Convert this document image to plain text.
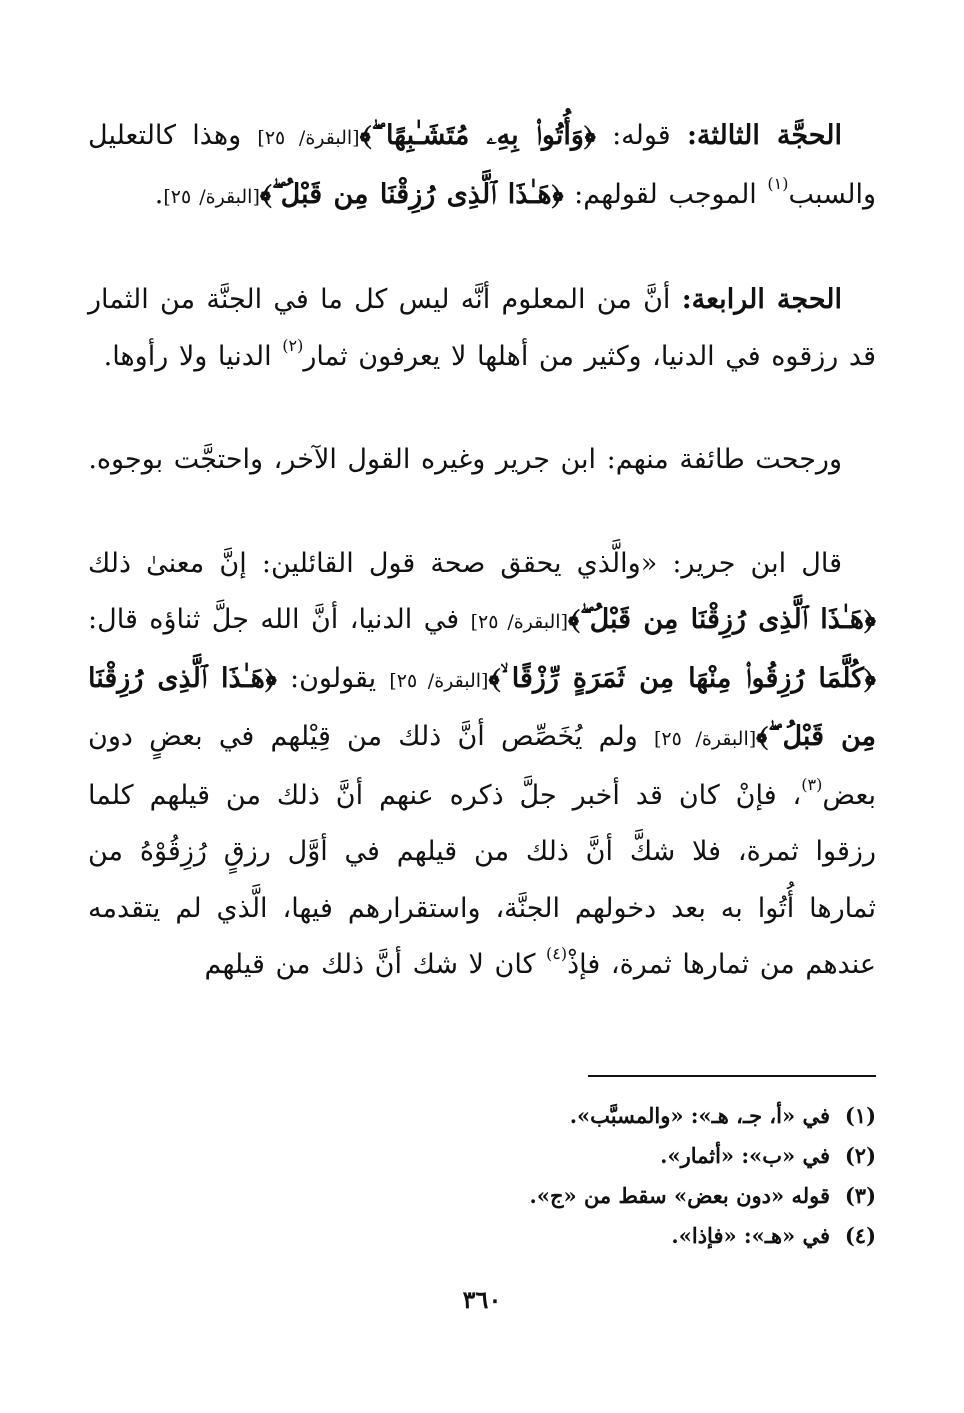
الحجَّة الثالثة: قوله: ﴿وَأُتُوا۟ بِهِۦ مُتَشَـٰبِهًا ۖ﴾[البقرة/ ٢٥] وهذا كالتعليل والسبب$^{(١)}$ الموجب لقولهم: ﴿هَـٰذَا ٱلَّذِى رُزِقْنَا مِن قَبْلُ ۖ﴾[البقرة/ ٢٥].

الحجة الرابعة: أنَّ من المعلوم أنَّه ليس كل ما في الجنَّة من الثمار قد رزقوه في الدنيا، وكثير من أهلها لا يعرفون ثمار$^{(٢)}$ الدنيا ولا رأوها.

ورجحت طائفة منهم: ابن جرير وغيره القول الآخر، واحتجَّت بوجوه.

قال ابن جرير: «والَّذي يحقق صحة قول القائلين: إنَّ معنىٰ ذلك ﴿هَـٰذَا ٱلَّذِى رُزِقْنَا مِن قَبْلُ ۖ﴾[البقرة/ ٢٥] في الدنيا، أنَّ الله جلَّ ثناؤه قال: ﴿كُلَّمَا رُزِقُوا۟ مِنْهَا مِن ثَمَرَةٍ رِّزْقًا ۙ﴾[البقرة/ ٢٥] يقولون: ﴿هَـٰذَا ٱلَّذِى رُزِقْنَا مِن قَبْلُ ۖ﴾[البقرة/ ٢٥] ولم يُخَصِّص أنَّ ذلك من قِيْلهم في بعضٍ دون بعض$^{(٣)}$، فإنْ كان قد أخبر جلَّ ذكره عنهم أنَّ ذلك من قيلهم كلما رزقوا ثمرة، فلا شكَّ أنَّ ذلك من قيلهم في أوَّل رزقٍ رُزِقُوْهُ من ثمارها أُتُوا به بعد دخولهم الجنَّة، واستقرارهم فيها، الَّذي لم يتقدمه عندهم من ثمارها ثمرة، فإذْ$^{(٤)}$ كان لا شك أنَّ ذلك من قيلهم

(١)
في «أ، جـ، هـ»: «والمسبَّب».
(٢)
في «ب»: «أثمار».
(٣)
قوله «دون بعض» سقط من «ج».
(٤)
في «هـ»: «فإذا».
٣٦٠
